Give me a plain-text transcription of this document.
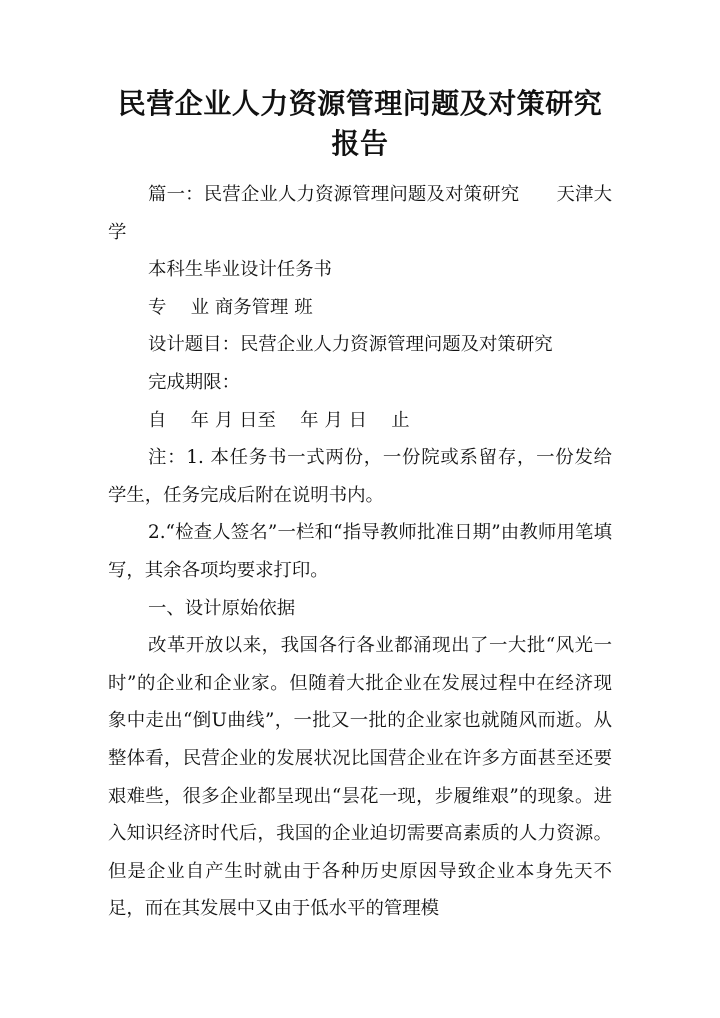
民营企业人力资源管理问题及对策研究报告

篇一：民营企业人力资源管理问题及对策研究　　天津大学

本科生毕业设计任务书

专　 业 商务管理 班

设计题目：民营企业人力资源管理问题及对策研究

完成期限：

自　 年 月 日至　 年 月 日　 止

注：1. 本任务书一式两份，一份院或系留存，一份发给学生，任务完成后附在说明书内。

2.“检查人签名”一栏和“指导教师批准日期”由教师用笔填写，其余各项均要求打印。

一、设计原始依据

改革开放以来，我国各行各业都涌现出了一大批“风光一时”的企业和企业家。但随着大批企业在发展过程中在经济现象中走出“倒U曲线”，一批又一批的企业家也就随风而逝。从整体看，民营企业的发展状况比国营企业在许多方面甚至还要艰难些，很多企业都呈现出“昙花一现，步履维艰”的现象。进入知识经济时代后，我国的企业迫切需要高素质的人力资源。但是企业自产生时就由于各种历史原因导致企业本身先天不足，而在其发展中又由于低水平的管理模
